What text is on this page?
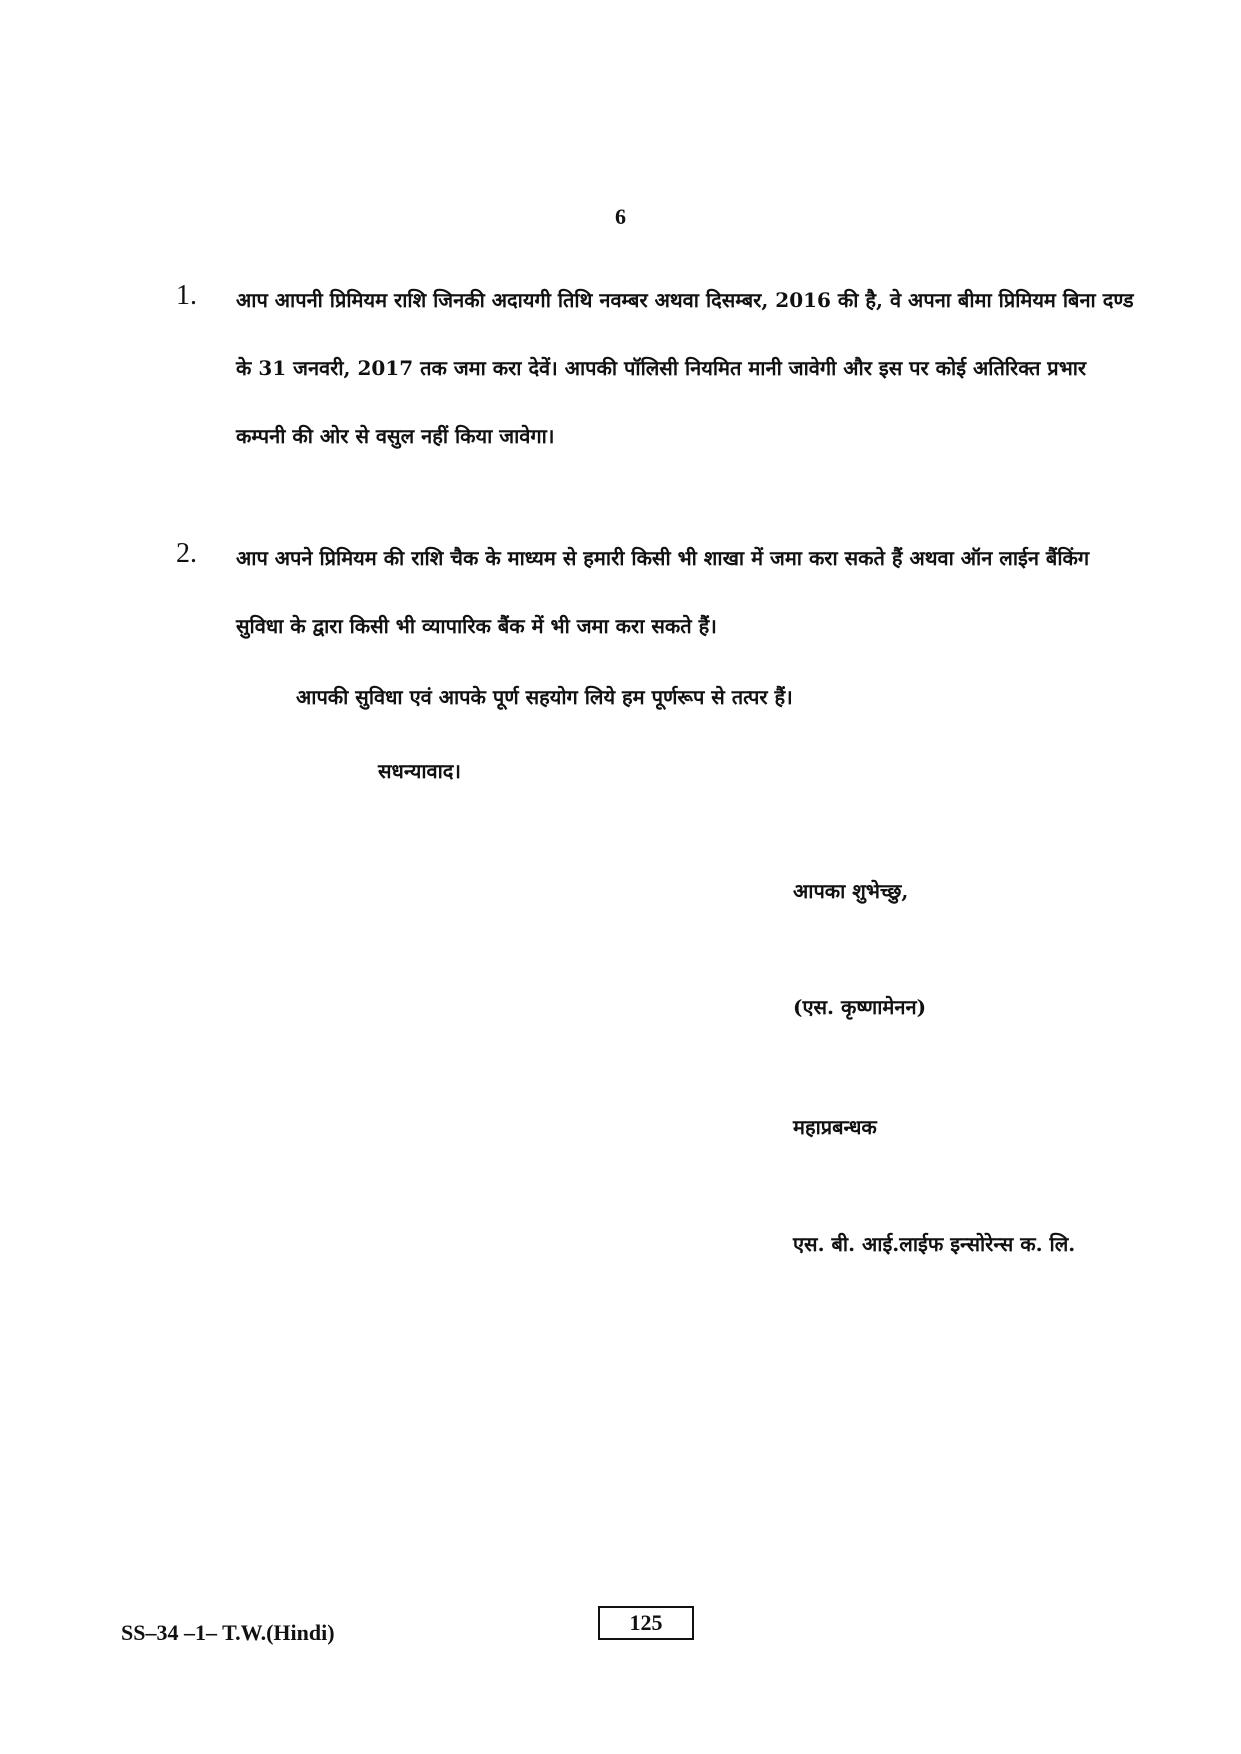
6
1. आप आपनी प्रिमियम राशि जिनकी अदायगी तिथि नवम्बर अथवा दिसम्बर, 2016 की है, वे अपना बीमा प्रिमियम बिना दण्ड के 31 जनवरी, 2017 तक जमा करा देवें। आपकी पॉलिसी नियमित मानी जावेगी और इस पर कोई अतिरिक्त प्रभार कम्पनी की ओर से वसुल नहीं किया जावेगा।
2. आप अपने प्रिमियम की राशि चैक के माध्यम से हमारी किसी भी शाखा में जमा करा सकते हैं अथवा ऑन लाईन बैंकिंग सुविधा के द्वारा किसी भी व्यापारिक बैंक में भी जमा करा सकते हैं।
आपकी सुविधा एवं आपके पूर्ण सहयोग लिये हम पूर्णरूप से तत्पर हैं।
सधन्यावाद।
आपका शुभेच्छु,
(एस. कृष्णामेनन)
महाप्रबन्धक
एस. बी. आई.लाईफ इन्सोरेन्स क. लि.
SS–34 –1– T.W.(Hindi)	125
